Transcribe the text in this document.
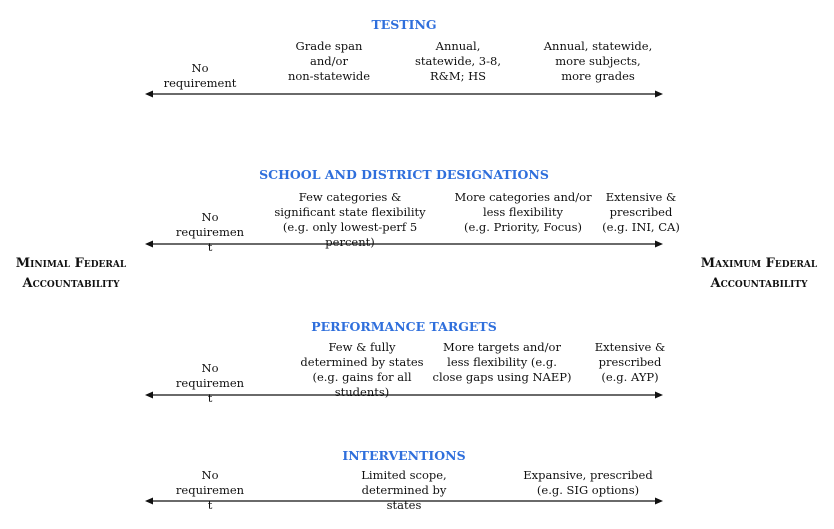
Minimal Federal
Accountability
Maximum Federal
Accountability
TESTING
No
requirement
Grade span
and/or
non-statewide
Annual,
statewide, 3-8,
R&M; HS
Annual, statewide,
more subjects,
more grades
SCHOOL AND DISTRICT DESIGNATIONS
No
requiremen
t
Few categories &
significant state flexibility
(e.g. only lowest-perf 5
percent)
More categories and/or
less flexibility
(e.g. Priority, Focus)
Extensive &
prescribed
(e.g. INI, CA)
PERFORMANCE TARGETS
No
requiremen
t
Few & fully
determined by states
(e.g. gains for all students)
More targets and/or
less flexibility (e.g.
close gaps using NAEP)
Extensive &
prescribed
(e.g. AYP)
INTERVENTIONS
No
requiremen
t
Limited scope,
determined by
states
Expansive, prescribed
(e.g. SIG options)
